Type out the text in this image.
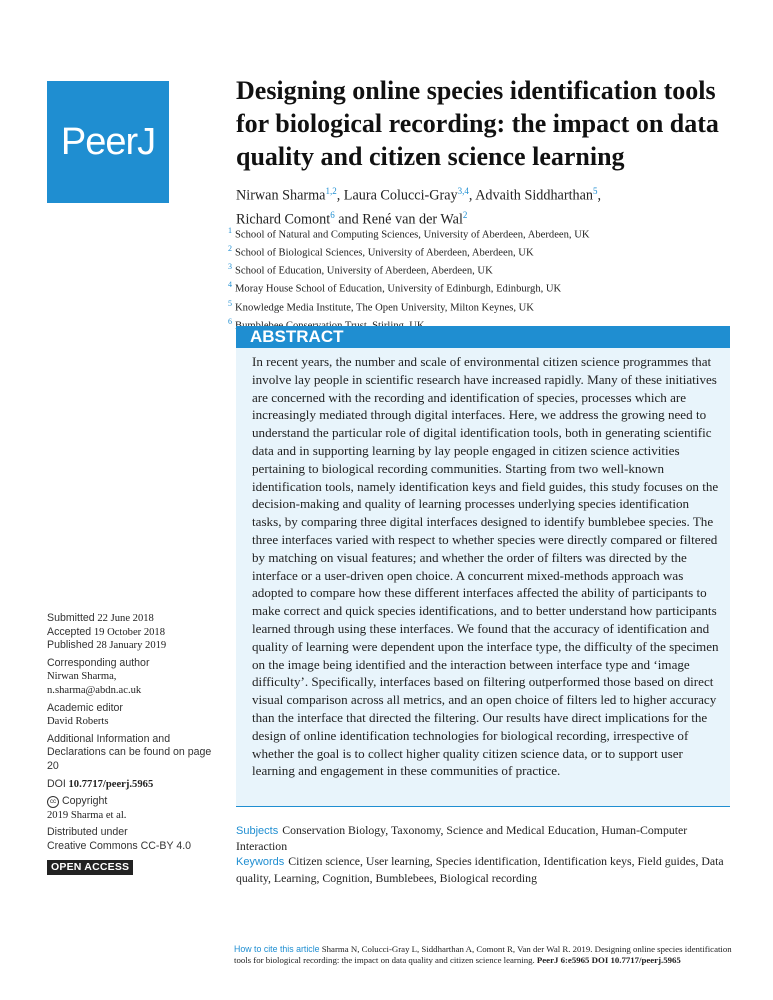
PeerJ
Designing online species identification tools for biological recording: the impact on data quality and citizen science learning
Nirwan Sharma$^{1,2}$, Laura Colucci-Gray$^{3,4}$, Advaith Siddharthan$^5$,
Richard Comont$^6$ and René van der Wal$^2$
$^1$ School of Natural and Computing Sciences, University of Aberdeen, Aberdeen, UK
$^2$ School of Biological Sciences, University of Aberdeen, Aberdeen, UK
$^3$ School of Education, University of Aberdeen, Aberdeen, UK
$^4$ Moray House School of Education, University of Edinburgh, Edinburgh, UK
$^5$ Knowledge Media Institute, The Open University, Milton Keynes, UK
$^6$
ABSTRACT
In recent years, the number and scale of environmental citizen science programmes that involve lay people in scientific research have increased rapidly. Many of these initiatives are concerned with the recording and identification of species, processes which are increasingly mediated through digital interfaces. Here, we address the growing need to understand the particular role of digital identification tools, both in generating scientific data and in supporting learning by lay people engaged in citizen science activities pertaining to biological recording communities. Starting from two well-known identification tools, namely identification keys and field guides, this study focuses on the decision-making and quality of learning processes underlying species identification tasks, by comparing three digital interfaces designed to identify bumblebee species. The three interfaces varied with respect to whether species were directly compared or filtered by matching on visual features; and whether the order of filters was directed by the interface or a user-driven open choice. A concurrent mixed-methods approach was adopted to compare how these different interfaces affected the ability of participants to make correct and quick species identifications, and to better understand how participants learned through using these interfaces. We found that the accuracy of identification and quality of learning were dependent upon the interface type, the difficulty of the specimen on the image being identified and the interaction between interface type and ‘image difficulty’. Specifically, interfaces based on filtering outperformed those based on direct visual comparison across all metrics, and an open choice of filters led to higher accuracy than the interface that directed the filtering. Our results have direct implications for the design of online identification technologies for biological recording, irrespective of whether the goal is to collect higher quality citizen science data, or to support user learning and engagement in these communities of practice.
Subjects Conservation Biology, Taxonomy, Science and Medical Education, Human-Computer Interaction
Keywords Citizen science, User learning, Species identification, Identification keys, Field guides, Data quality, Learning, Cognition, Bumblebees, Biological recording
Submitted 22 June 2018
Accepted 19 October 2018
Published 28 January 2019
Corresponding author
Nirwan Sharma,
n.sharma@abdn.ac.uk
Academic editor
David Roberts
Additional Information and Declarations can be found on page 20
DOI 10.7717/peerj.5965
cc Copyright
2019 Sharma et al.
Distributed under
Creative Commons CC-BY 4.0
OPEN ACCESS
How to cite this article Sharma N, Colucci-Gray L, Siddharthan A, Comont R, Van der Wal R. 2019. Designing online species identification tools for biological recording: the impact on data quality and citizen science learning. PeerJ 6:e5965 DOI 10.7717/peerj.5965
